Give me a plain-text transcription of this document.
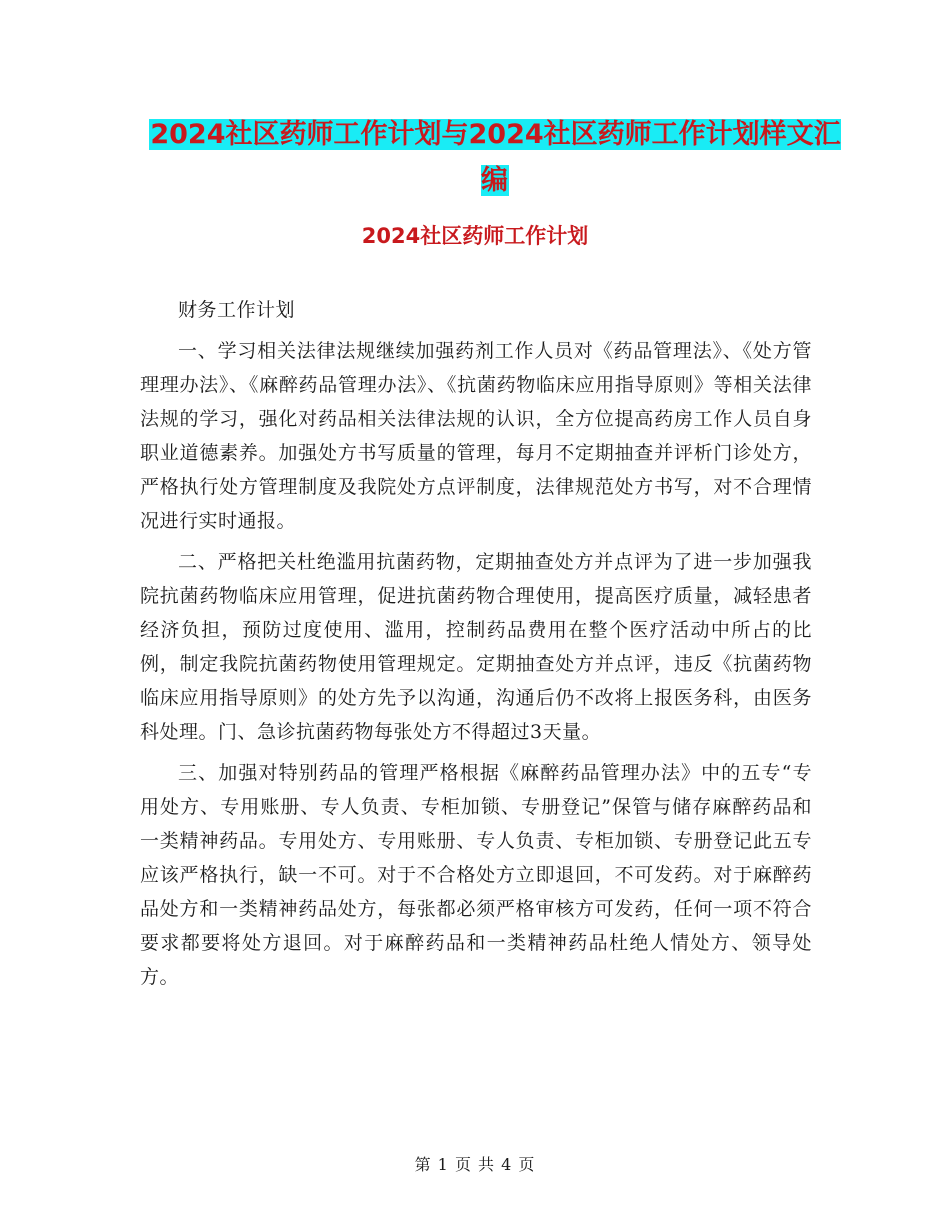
2024社区药师工作计划与2024社区药师工作计划样文汇编
2024社区药师工作计划

财务工作计划

一、学习相关法律法规继续加强药剂工作人员对《药品管理法》、《处方管理理办法》、《麻醉药品管理办法》、《抗菌药物临床应用指导原则》等相关法律法规的学习，强化对药品相关法律法规的认识，全方位提高药房工作人员自身职业道德素养。加强处方书写质量的管理，每月不定期抽查并评析门诊处方，严格执行处方管理制度及我院处方点评制度，法律规范处方书写，对不合理情况进行实时通报。

二、严格把关杜绝滥用抗菌药物，定期抽查处方并点评为了进一步加强我院抗菌药物临床应用管理，促进抗菌药物合理使用，提高医疗质量，减轻患者经济负担，预防过度使用、滥用，控制药品费用在整个医疗活动中所占的比例，制定我院抗菌药物使用管理规定。定期抽查处方并点评，违反《抗菌药物临床应用指导原则》的处方先予以沟通，沟通后仍不改将上报医务科，由医务科处理。门、急诊抗菌药物每张处方不得超过3天量。

三、加强对特别药品的管理严格根据《麻醉药品管理办法》中的五专“专用处方、专用账册、专人负责、专柜加锁、专册登记”保管与储存麻醉药品和一类精神药品。专用处方、专用账册、专人负责、专柜加锁、专册登记此五专应该严格执行，缺一不可。对于不合格处方立即退回，不可发药。对于麻醉药品处方和一类精神药品处方，每张都必须严格审核方可发药，任何一项不符合要求都要将处方退回。对于麻醉药品和一类精神药品杜绝人情处方、领导处方。

第 1 页 共 4 页
